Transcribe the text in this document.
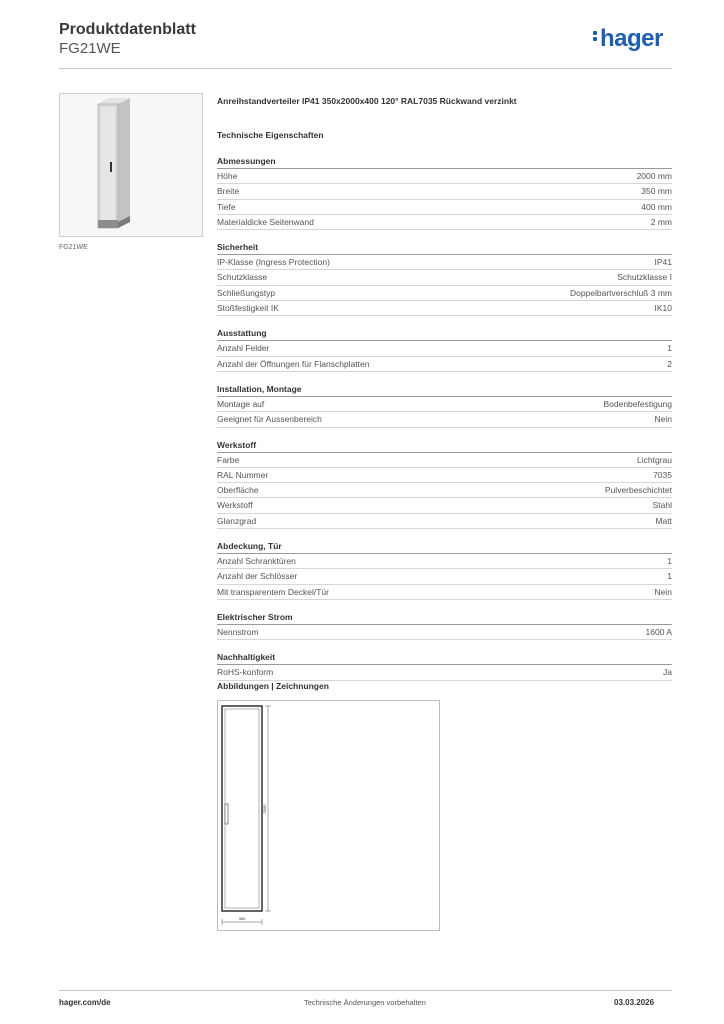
Produktdatenblatt
FG21WE	hager
FG21WE
Anreihstandverteiler IP41 350x2000x400 120° RAL7035 Rückwand verzinkt
Technische Eigenschaften
Abmessungen
Höhe	2000 mm
Breite	350 mm
Tiefe	400 mm
Materialdicke Seitenwand	2 mm
Sicherheit
IP-Klasse (Ingress Protection)	IP41
Schutzklasse	Schutzklasse I
Schließungstyp	Doppelbartverschluß 3 mm
Stoßfestigkeit IK	IK10
Ausstattung
Anzahl Felder	1
Anzahl der Öffnungen für Flanschplatten	2
Installation, Montage
Montage auf	Bodenbefestigung
Geeignet für Aussenbereich	Nein
Werkstoff
Farbe	Lichtgrau
RAL Nummer	7035
Oberfläche	Pulverbeschichtet
Werkstoff	Stahl
Glanzgrad	Matt
Abdeckung, Tür
Anzahl Schranktüren	1
Anzahl der Schlösser	1
Mit transparentem Deckel/Tür	Nein
Elektrischer Strom
Nennstrom	1600 A
Nachhaltigkeit
RoHS-konform	Ja
Abbildungen | Zeichnungen
350
2000
hager.com/de	Technische Änderungen vorbehalten	03.03.2026
